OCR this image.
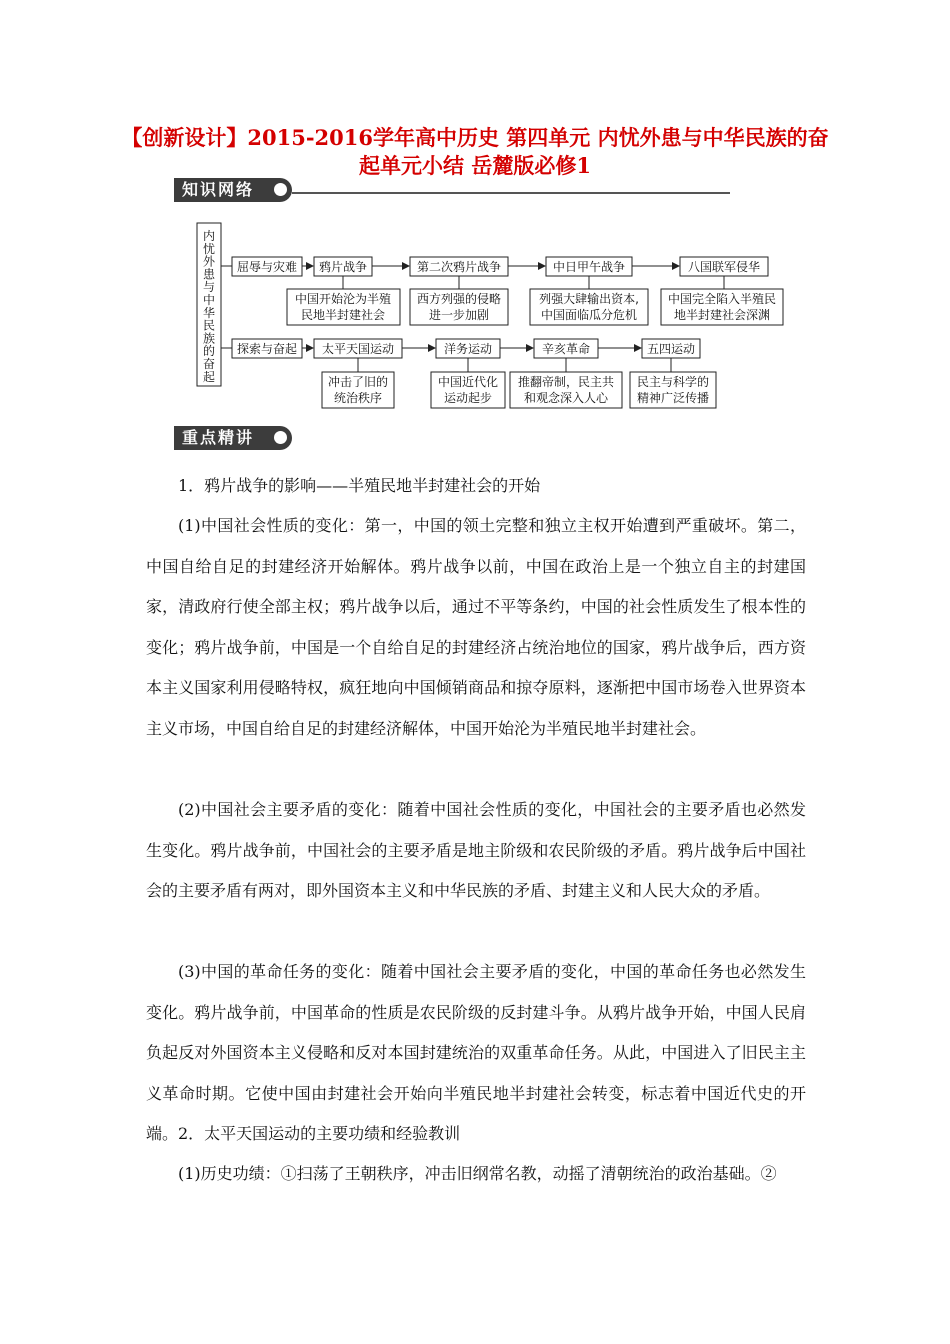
【创新设计】2015-2016学年高中历史 第四单元 内忧外患与中华民族的奋起单元小结 岳麓版必修1
知识网络
内忧外患与中华民族的奋起
屈辱与灾难 鸦片战争	第二次鸦片战争	中日甲午战争	八国联军侵华
中国开始沦为半殖
民地半封建社会
西方列强的侵略
进一步加剧
列强大肆输出资本,
中国面临瓜分危机
中国完全陷入半殖民
地半封建社会深渊
探索与奋起 太平天国运动	洋务运动	辛亥革命	五四运动
冲击了旧的
统治秩序
中国近代化
运动起步
推翻帝制，民主共
和观念深入人心
民主与科学的
精神广泛传播
重点精讲

1．鸦片战争的影响——半殖民地半封建社会的开始

(1)中国社会性质的变化：第一，中国的领土完整和独立主权开始遭到严重破坏。第二，中国自给自足的封建经济开始解体。鸦片战争以前，中国在政治上是一个独立自主的封建国家，清政府行使全部主权；鸦片战争以后，通过不平等条约，中国的社会性质发生了根本性的变化；鸦片战争前，中国是一个自给自足的封建经济占统治地位的国家，鸦片战争后，西方资本主义国家利用侵略特权，疯狂地向中国倾销商品和掠夺原料，逐渐把中国市场卷入世界资本主义市场，中国自给自足的封建经济解体，中国开始沦为半殖民地半封建社会。

(2)中国社会主要矛盾的变化：随着中国社会性质的变化，中国社会的主要矛盾也必然发生变化。鸦片战争前，中国社会的主要矛盾是地主阶级和农民阶级的矛盾。鸦片战争后中国社会的主要矛盾有两对，即外国资本主义和中华民族的矛盾、封建主义和人民大众的矛盾。

(3)中国的革命任务的变化：随着中国社会主要矛盾的变化，中国的革命任务也必然发生变化。鸦片战争前，中国革命的性质是农民阶级的反封建斗争。从鸦片战争开始，中国人民肩负起反对外国资本主义侵略和反对本国封建统治的双重革命任务。从此，中国进入了旧民主主义革命时期。它使中国由封建社会开始向半殖民地半封建社会转变，标志着中国近代史的开端。 2．太平天国运动的主要功绩和经验教训

(1)历史功绩：①扫荡了王朝秩序，冲击旧纲常名教，动摇了清朝统治的政治基础。②
